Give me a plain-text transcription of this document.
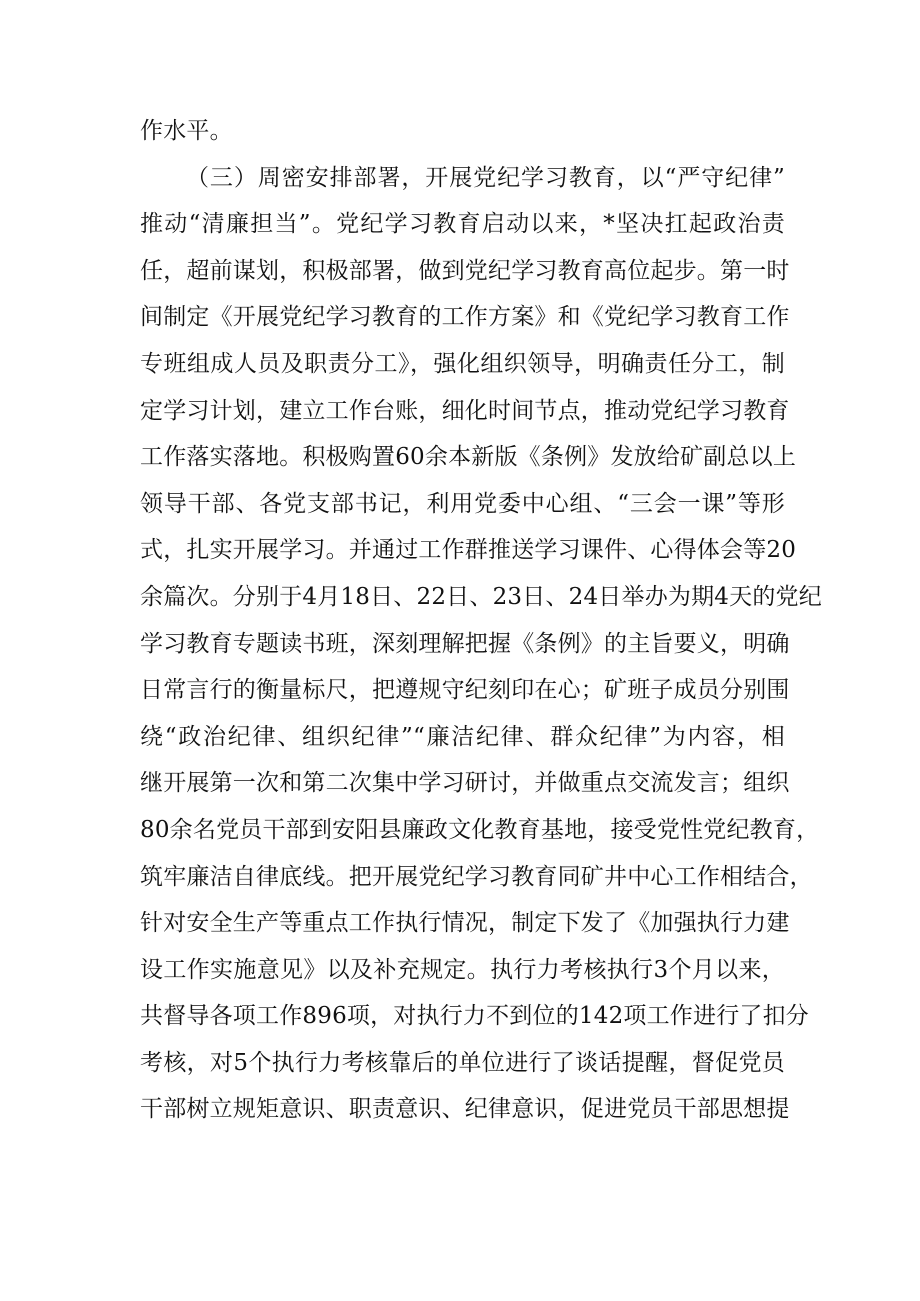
作水平。
（三）周密安排部署，开展党纪学习教育，以“严守纪律”
推动“清廉担当”。党纪学习教育启动以来，*坚决扛起政治责
任，超前谋划，积极部署，做到党纪学习教育高位起步。第一时
间制定《开展党纪学习教育的工作方案》和《党纪学习教育工作
专班组成人员及职责分工》，强化组织领导，明确责任分工，制
定学习计划，建立工作台账，细化时间节点，推动党纪学习教育
工作落实落地。积极购置60余本新版《条例》发放给矿副总以上
领导干部、各党支部书记，利用党委中心组、“三会一课”等形
式，扎实开展学习。并通过工作群推送学习课件、心得体会等20
余篇次。分别于4月18日、22日、23日、24日举办为期4天的党纪
学习教育专题读书班，深刻理解把握《条例》的主旨要义，明确
日常言行的衡量标尺，把遵规守纪刻印在心；矿班子成员分别围
绕“政治纪律、组织纪律”“廉洁纪律、群众纪律”为内容，相
继开展第一次和第二次集中学习研讨，并做重点交流发言；组织
80余名党员干部到安阳县廉政文化教育基地，接受党性党纪教育，
筑牢廉洁自律底线。把开展党纪学习教育同矿井中心工作相结合，
针对安全生产等重点工作执行情况，制定下发了《加强执行力建
设工作实施意见》以及补充规定。执行力考核执行3个月以来，
共督导各项工作896项，对执行力不到位的142项工作进行了扣分
考核，对5个执行力考核靠后的单位进行了谈话提醒，督促党员
干部树立规矩意识、职责意识、纪律意识，促进党员干部思想提
